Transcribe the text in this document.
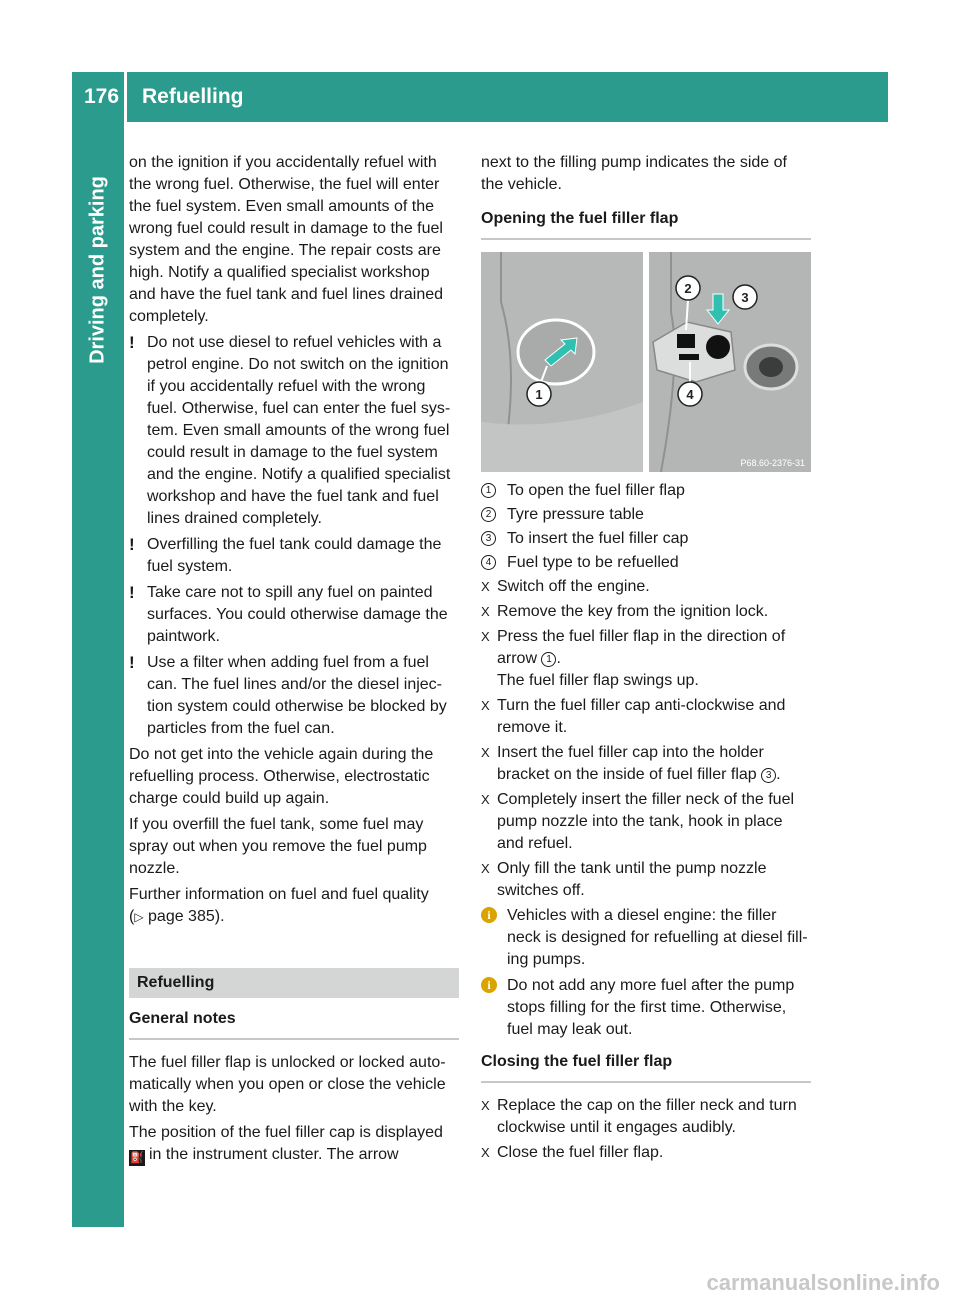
176 Refuelling
Driving and parking

on the ignition if you accidentally refuel with the wrong fuel. Otherwise, the fuel will enter the fuel system. Even small amounts of the wrong fuel could result in damage to the fuel system and the engine. The repair costs are high. Notify a qualified specialist workshop and have the fuel tank and fuel lines drained completely.

! Do not use diesel to refuel vehicles with a petrol engine. Do not switch on the ignition if you accidentally refuel with the wrong fuel. Otherwise, fuel can enter the fuel sys-tem. Even small amounts of the wrong fuel could result in damage to the fuel system and the engine. Notify a qualified specialist workshop and have the fuel tank and fuel lines drained completely.
! Overfilling the fuel tank could damage the fuel system.
! Take care not to spill any fuel on painted surfaces. You could otherwise damage the paintwork.
! Use a filter when adding fuel from a fuel can. The fuel lines and/or the diesel injec-tion system could otherwise be blocked by particles from the fuel can.

Do not get into the vehicle again during the refuelling process. Otherwise, electrostatic charge could build up again.

If you overfill the fuel tank, some fuel may spray out when you remove the fuel pump nozzle.

Further information on fuel and fuel quality
(▷ page 385).

Refuelling
General notes

The fuel filler flap is unlocked or locked auto-matically when you open or close the vehicle with the key.

The position of the fuel filler cap is displayed ⛽ in the instrument cluster. The arrow

next to the filling pump indicates the side of the vehicle.

Opening the fuel filler flap
1
2
3
4
P68.60-2376-31
1 To open the fuel filler flap
2 Tyre pressure table
3 To insert the fuel filler cap
4 Fuel type to be refuelled
X Switch off the engine.
X Remove the key from the ignition lock.
X Press the fuel filler flap in the direction of arrow 1 .
The fuel filler flap swings up.
X Turn the fuel filler cap anti-clockwise and remove it.
X Insert the fuel filler cap into the holder bracket on the inside of fuel filler flap 3 .
X Completely insert the filler neck of the fuel pump nozzle into the tank, hook in place and refuel.
X Only fill the tank until the pump nozzle switches off.
i	Vehicles with a diesel engine: the filler neck is designed for refuelling at diesel fill-ing pumps.
i	Do not add any more fuel after the pump stops filling for the first time. Otherwise, fuel may leak out.
Closing the fuel filler flap
X Replace the cap on the filler neck and turn clockwise until it engages audibly.
X Close the fuel filler flap.
carmanualsonline.info
